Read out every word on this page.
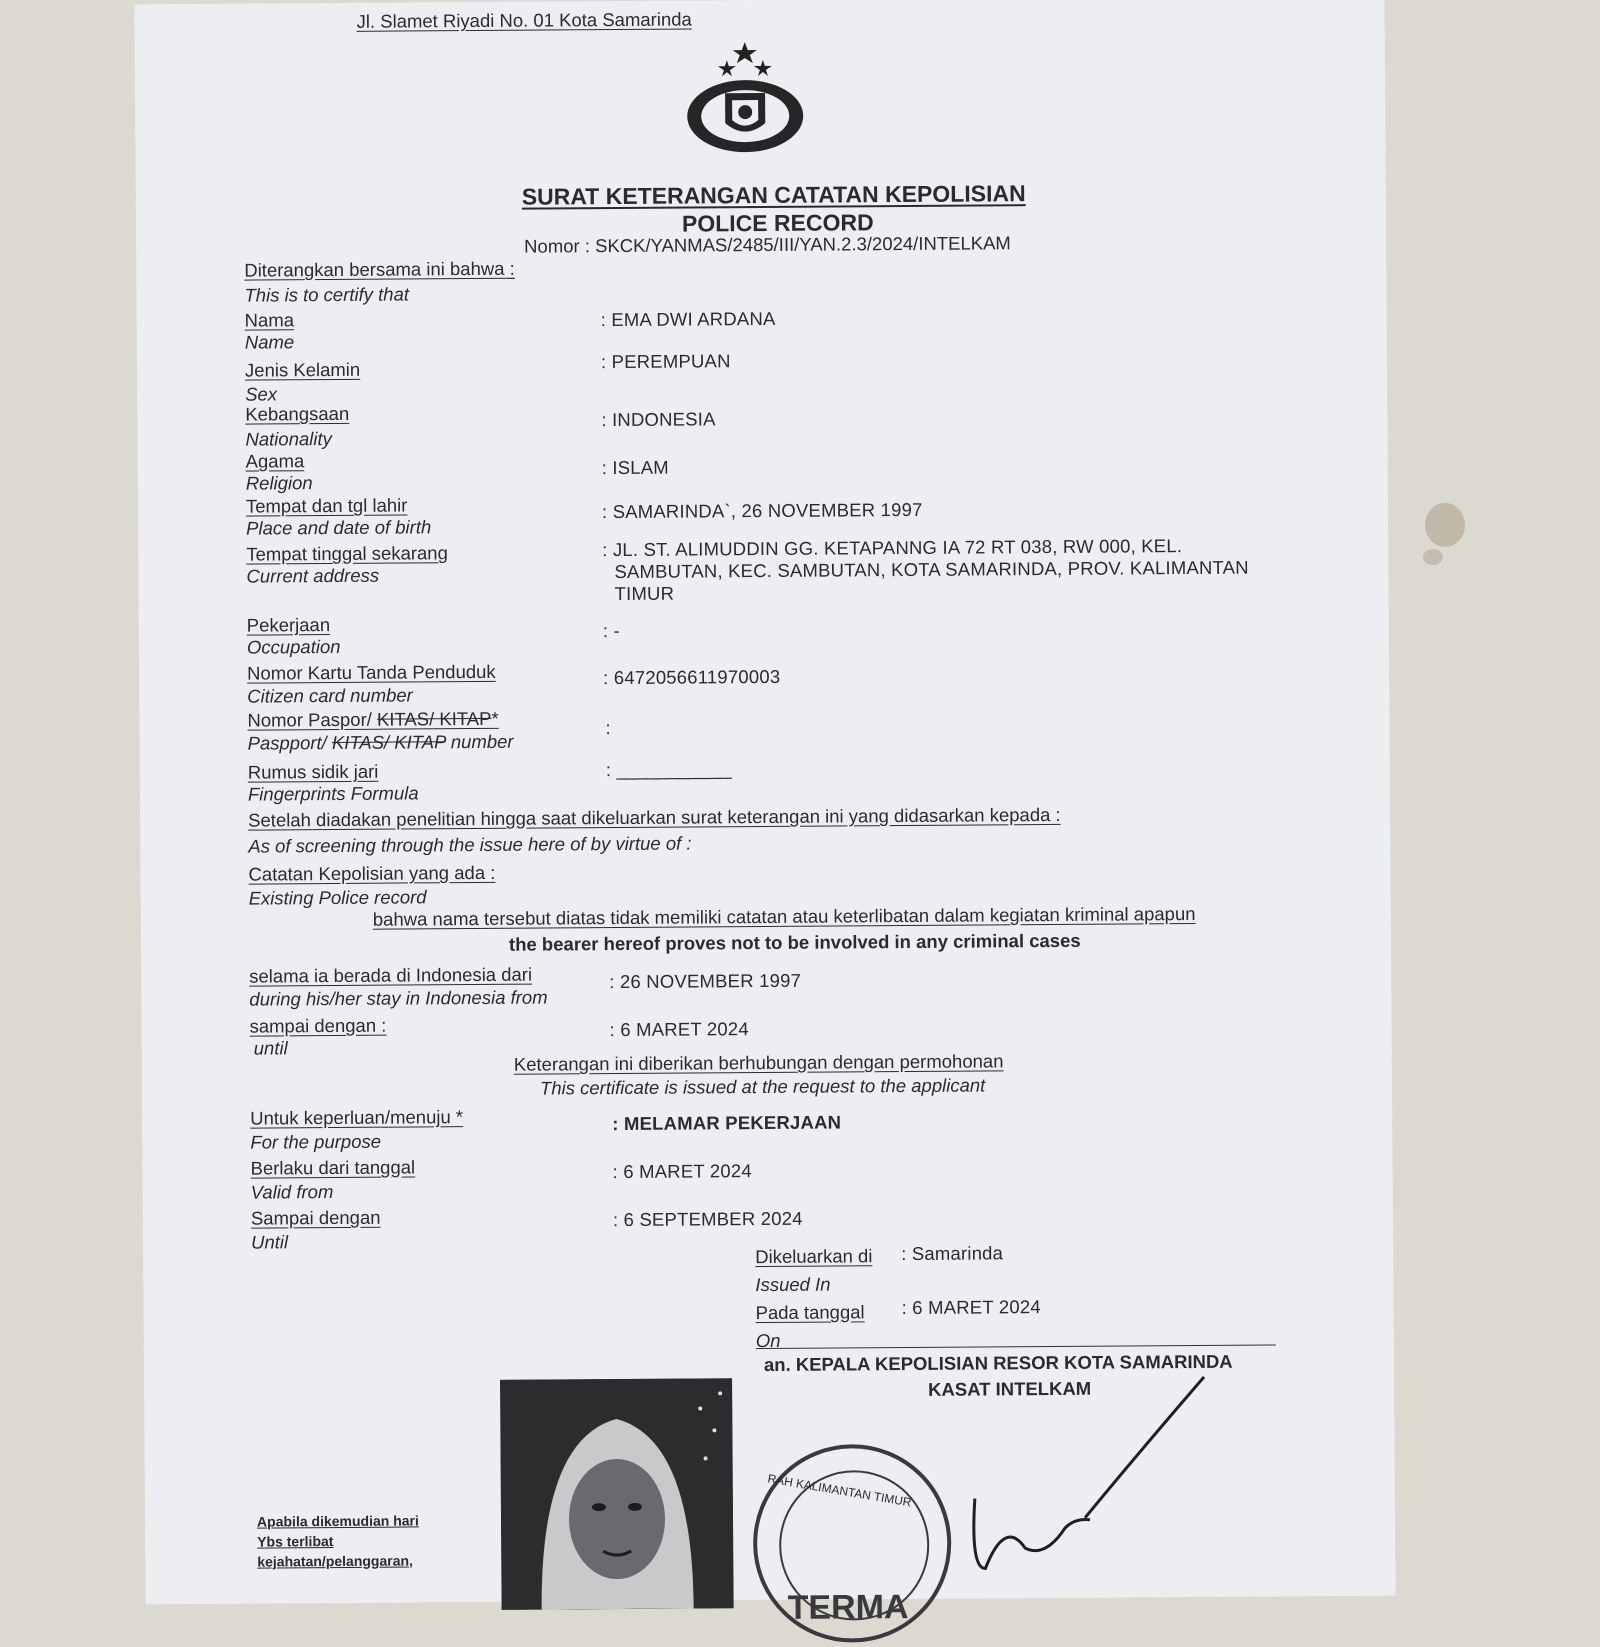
Jl. Slamet Riyadi No. 01 Kota Samarinda
SURAT KETERANGAN CATATAN KEPOLISIAN
POLICE RECORD
Nomor : SKCK/YANMAS/2485/III/YAN.2.3/2024/INTELKAM
Diterangkan bersama ini bahwa :
This is to certify that
Nama
Name
: EMA DWI ARDANA
Jenis Kelamin
Sex
: PEREMPUAN
Kebangsaan
Nationality
: INDONESIA
Agama
Religion
: ISLAM
Tempat dan tgl lahir
Place and date of birth
: SAMARINDA`, 26 NOVEMBER 1997
Tempat tinggal sekarang
Current address
: JL. ST. ALIMUDDIN GG. KETAPANNG IA 72 RT 038, RW 000, KEL.
SAMBUTAN, KEC. SAMBUTAN, KOTA SAMARINDA, PROV. KALIMANTAN
TIMUR
Pekerjaan
Occupation
: -
Nomor Kartu Tanda Penduduk
Citizen card number
: 6472056611970003
Nomor Paspor/ KITAS/ KITAP*
Paspport/ KITAS/ KITAP number
:
Rumus sidik jari
Fingerprints Formula
: ___________
Setelah diadakan penelitian hingga saat dikeluarkan surat keterangan ini yang didasarkan kepada :
As of screening through the issue here of by virtue of :
Catatan Kepolisian yang ada :
Existing Police record
bahwa nama tersebut diatas tidak memiliki catatan atau keterlibatan dalam kegiatan kriminal apapun
the bearer hereof proves not to be involved in any criminal cases
selama ia berada di Indonesia dari
during his/her stay in Indonesia from
: 26 NOVEMBER 1997
sampai dengan :
until
: 6 MARET 2024
Keterangan ini diberikan berhubungan dengan permohonan
This certificate is issued at the request to the applicant
Untuk keperluan/menuju *
For the purpose
: MELAMAR PEKERJAAN
Berlaku dari tanggal
Valid from
: 6 MARET 2024
Sampai dengan
Until
: 6 SEPTEMBER 2024
Dikeluarkan di
Issued In
: Samarinda
Pada tanggal
On
: 6 MARET 2024
an. KEPALA KEPOLISIAN RESOR KOTA SAMARINDA
KASAT INTELKAM
RAH KALIMANTAN TIMUR
TERMA
Apabila dikemudian hari
Ybs terlibat
kejahatan/pelanggaran,
